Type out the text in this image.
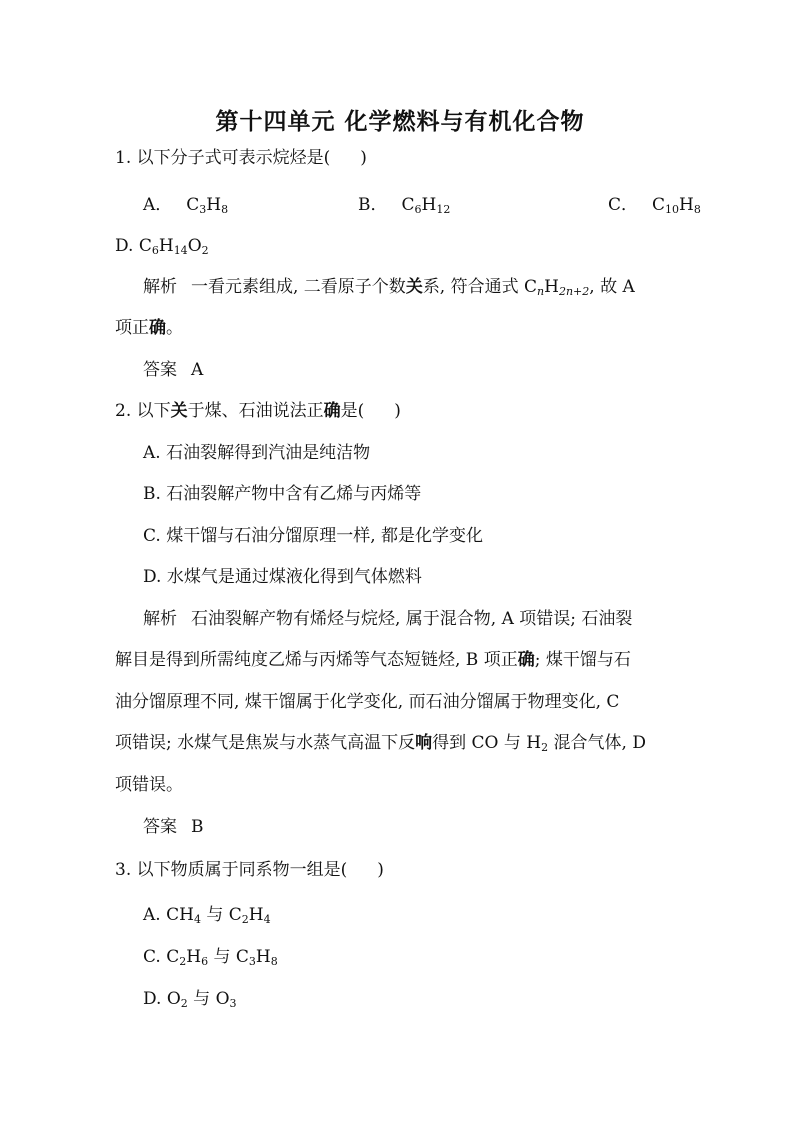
第十四单元 化学燃料与有机化合物
1. 以下分子式可表示烷烃是( )
A． $C_3H_8$	B． $C_6H_{12}$	C． $C_{10}H_8$
D. $C_6H_{14}O_2$
解析 一看元素组成, 二看原子个数关系, 符合通式 $C_nH_{2n+2}$, 故 A
项正确。
答案 A
2. 以下关于煤、石油说法正确是( )
A. 石油裂解得到汽油是纯洁物
B. 石油裂解产物中含有乙烯与丙烯等
C. 煤干馏与石油分馏原理一样, 都是化学变化
D. 水煤气是通过煤液化得到气体燃料
解析 石油裂解产物有烯烃与烷烃, 属于混合物, A 项错误; 石油裂
解目是得到所需纯度乙烯与丙烯等气态短链烃, B 项正确; 煤干馏与石
油分馏原理不同, 煤干馏属于化学变化, 而石油分馏属于物理变化, C
项错误; 水煤气是焦炭与水蒸气高温下反响得到 CO 与 $H_2$ 混合气体, D
项错误。
答案 B
3. 以下物质属于同系物一组是( )
A. $CH_4$ 与 $C_2H_4$
C. $C_2H_6$ 与 $C_3H_8$
D. $O_2$ 与 $O_3$
